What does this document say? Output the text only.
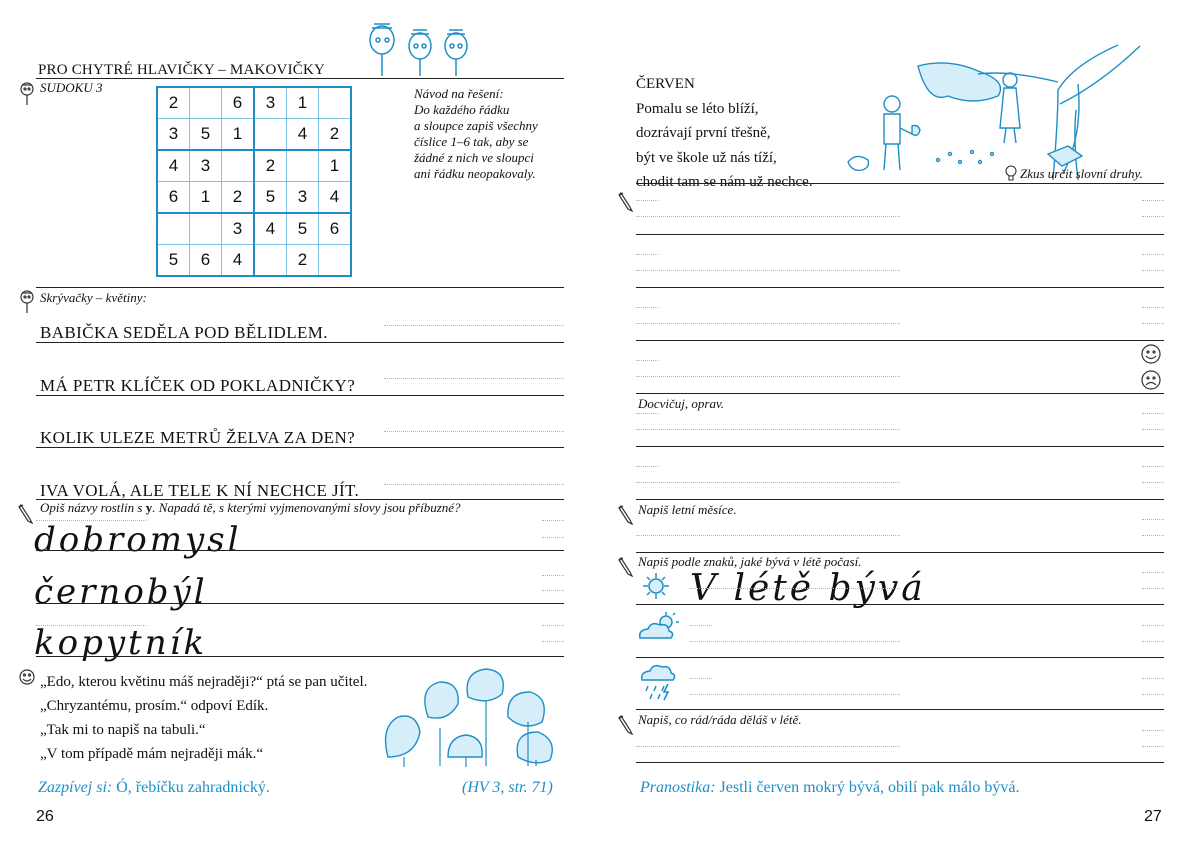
PRO CHYTRÉ HLAVIČKY – MAKOVIČKY
SUDOKU 3
2		6	3	1	
3	5	1		4	2
4	3		2		1
6	1	2	5	3	4
		3	4	5	6
5	6	4		2	
Návod na řešení:
Do každého řádku
a sloupce zapiš všechny
číslice 1–6 tak, aby se
žádné z nich ve sloupci
ani řádku neopakovaly.
Skrývačky – květiny:
BABIČKA SEDĚLA POD BĚLIDLEM.
MÁ PETR KLÍČEK OD POKLADNIČKY?
KOLIK ULEZE METRŮ ŽELVA ZA DEN?
IVA VOLÁ, ALE TELE K NÍ NECHCE JÍT.
Opiš názvy rostlin s y. Napadá tě, s kterými vyjmenovanými slovy jsou příbuzné?
dobromysl
černobýl
kopytník
„Edo, kterou květinu máš nejraději?“ ptá se pan učitel.
„Chryzantému, prosím.“ odpoví Edík.
„Tak mi to napiš na tabuli.“
„V tom případě mám nejraději mák.“
Zazpívej si: Ó, řebíčku zahradnický.	(HV 3, str. 71)
26
ČERVEN
Pomalu se léto blíží,
dozrávají první třešně,
být ve škole už nás tíží,
chodit tam se nám už nechce.
Zkus určit slovní druhy.
Docvičuj, oprav.
Napiš letní měsíce.
Napiš podle znaků, jaké bývá v létě počasí.
V létě bývá
Napiš, co rád/ráda děláš v létě.
Pranostika: Jestli červen mokrý bývá, obilí pak málo bývá.
27
